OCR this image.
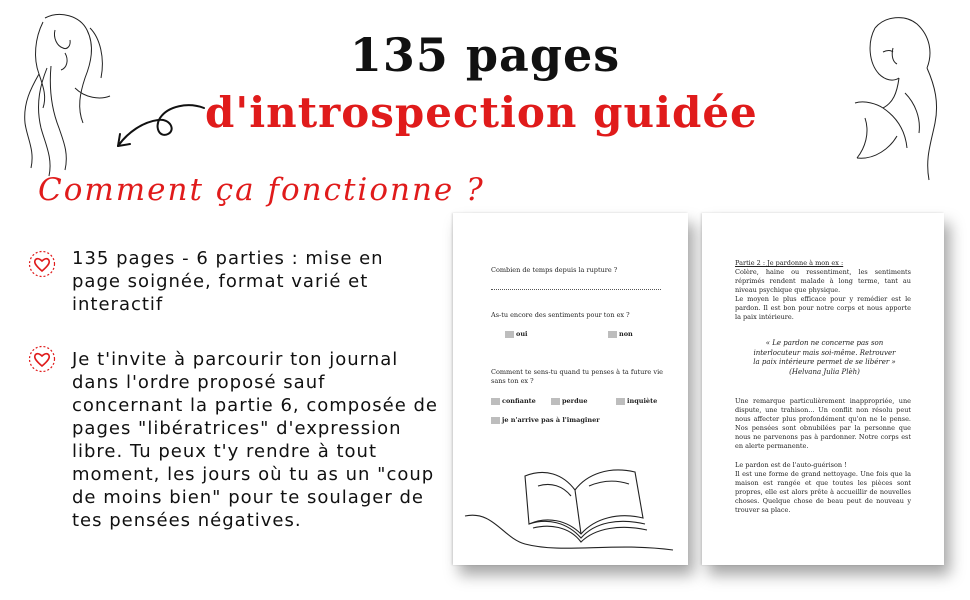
135 pages
d'introspection guidée
Comment ça fonctionne ?
135 pages - 6 parties : mise en page soignée, format varié et interactif
Je t'invite à parcourir ton journal dans l'ordre proposé sauf concernant la partie 6, composée de pages "libératrices" d'expression libre. Tu peux t'y rendre à tout moment, les jours où tu as un "coup de moins bien" pour te soulager de tes pensées négatives.
Combien de temps depuis la rupture ?
As-tu encore des sentiments pour ton ex ?
oui	non
Comment te sens-tu quand tu penses à ta future vie sans ton ex ?
confiante	perdue	inquiète
je n'arrive pas à l'imaginer
Partie 2 : Je pardonne à mon ex :
Colère, haine ou ressentiment, les sentiments réprimés rendent malade à long terme, tant au niveau psychique que physique.
Le moyen le plus efficace pour y remédier est le pardon. Il est bon pour notre corps et nous apporte la paix intérieure.
« Le pardon ne concerne pas son interlocuteur mais soi-même. Retrouver la paix intérieure permet de se libérer » (Helvana Julia Plèh)
Une remarque particulièrement inappropriée, une dispute, une trahison... Un conflit non résolu peut nous affecter plus profondément qu'on ne le pense. Nos pensées sont obnubilées par la personne que nous ne parvenons pas à pardonner. Notre corps est en alerte permanente.
Le pardon est de l'auto-guérison !
Il est une forme de grand nettoyage. Une fois que la maison est rangée et que toutes les pièces sont propres, elle est alors prête à accueillir de nouvelles choses. Quelque chose de beau peut de nouveau y trouver sa place.
